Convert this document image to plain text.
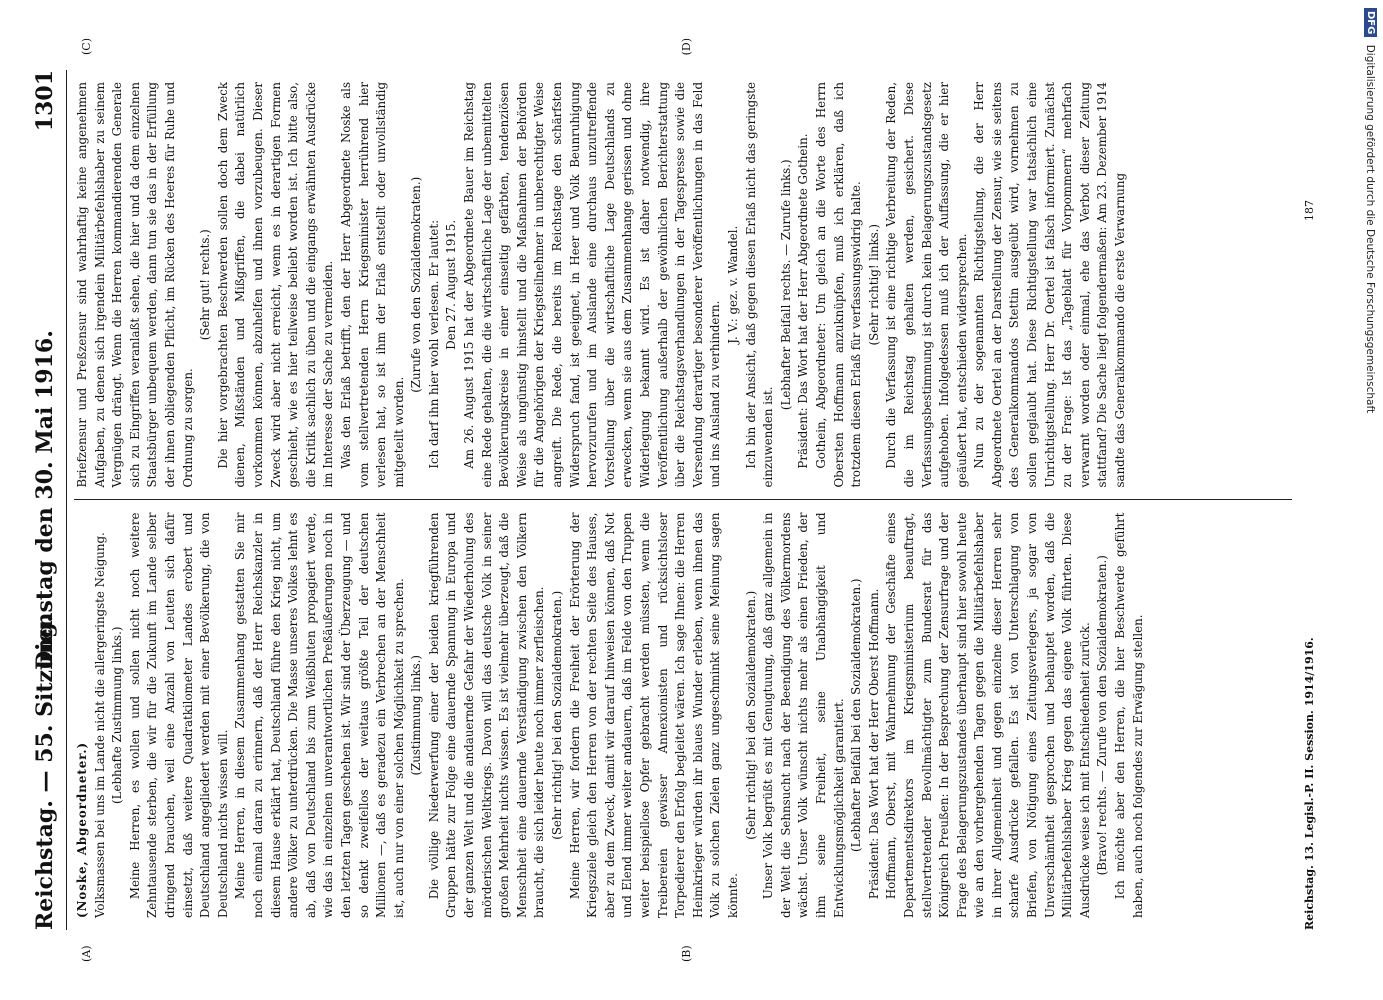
Reichstag. — 55. Sitzung.
Dienstag den 30. Mai 1916.
1301
(A)	(B)
(C)	(D)

(Noske, Abgeordneter.) Volksmassen bei uns im Lande nicht die allergeringste Neigung. (Lebhafte Zustimmung links.) Meine Herren, es wollen und sollen nicht noch weitere Zehntausende sterben, die wir für die Zukunft im Lande selber dringend brauchen, weil eine Anzahl von Leuten sich dafür einsetzt, daß weitere Quadratkilometer Landes erobert und Deutschland angegliedert werden mit einer Bevölkerung, die von Deutschland nichts wissen will. Meine Herren, in diesem Zusammenhang gestatten Sie mir noch einmal daran zu erinnern, daß der Herr Reichskanzler in diesem Hause erklärt hat, Deutschland führe den Krieg nicht, um andere Völker zu unterdrücken. Die Masse unseres Volkes lehnt es ab, daß von Deutschland bis zum Weißbluten propagiert werde, wie das in einzelnen unverantwortlichen Preßäußerungen noch in den letzten Tagen geschehen ist. Wir sind der Überzeugung — und so denkt zweifellos der weitaus größte Teil der deutschen Millionen —, daß es geradezu ein Verbrechen an der Menschheit ist, auch nur von einer solchen Möglichkeit zu sprechen. (Zustimmung links.) Die völlige Niederwerfung einer der beiden kriegführenden Gruppen hätte zur Folge eine dauernde Spannung in Europa und der ganzen Welt und die andauernde Gefahr der Wiederholung des mörderischen Weltkriegs. Davon will das deutsche Volk in seiner großen Mehrheit nichts wissen. Es ist vielmehr überzeugt, daß die Menschheit eine dauernde Verständigung zwischen den Völkern braucht, die sich leider heute noch immer zerfleischen. (Sehr richtig! bei den Sozialdemokraten.) Meine Herren, wir fordern die Freiheit der Erörterung der Kriegsziele gleich den Herren von der rechten Seite des Hauses, aber zu dem Zweck, damit wir darauf hinweisen können, daß Not und Elend immer weiter andauern, daß im Felde von den Truppen weiter beispiellose Opfer gebracht werden müssten, wenn die Treibereien gewisser Annexionisten und rücksichtsloser Torpedierer den Erfolg begleitet wären. Ich sage Ihnen: die Herren Heimkrieger würden ihr blaues Wunder erleben, wenn ihnen das Volk zu solchen Zielen ganz ungeschminkt seine Meinung sagen könnte.

(Sehr richtig! bei den Sozialdemokraten.) Unser Volk begrüßt es mit Genugtuung, daß ganz allgemein in der Welt die Sehnsucht nach der Beendigung des Völkermordens wächst. Unser Volk wünscht nichts mehr als einen Frieden, der ihm seine Freiheit, seine Unabhängigkeit und Entwicklungsmöglichkeit garantiert. (Lebhafter Beifall bei den Sozialdemokraten.) Präsident: Das Wort hat der Herr Oberst Hoffmann. Hoffmann, Oberst, mit Wahrnehmung der Geschäfte eines Departementsdirektors im Kriegsministerium beauftragt, stellvertretender Bevollmächtigter zum Bundesrat für das Königreich Preußen: In der Besprechung der Zensurfrage und der Frage des Belagerungszustandes überhaupt sind hier sowohl heute wie an den vorhergehenden Tagen gegen die Militärbefehlshaber in ihrer Allgemeinheit und gegen einzelne dieser Herren sehr scharfe Ausdrücke gefallen. Es ist von Unterschlagung von Briefen, von Nötigung eines Zeitungsverlegers, ja sogar von Unverschämtheit gesprochen und behauptet worden, daß die Militärbefehlshaber Krieg gegen das eigene Volk führten. Diese Ausdrücke weise ich mit Entschiedenheit zurück. (Bravo! rechts. — Zurufe von den Sozialdemokraten.) Ich möchte aber den Herren, die hier Beschwerde geführt haben, auch noch folgendes zur Erwägung stellen.

Briefzensur und Preßzensur sind wahrhaftig keine angenehmen Aufgaben, zu denen sich irgendein Militärbefehlshaber zu seinem Vergnügen drängt. Wenn die Herren kommandierenden Generale sich zu Eingriffen veranlaßt sehen, die hier und da dem einzelnen Staatsbürger unbequem werden, dann tun sie das in der Erfüllung der ihnen obliegenden Pflicht, im Rücken des Heeres für Ruhe und Ordnung zu sorgen.

(Sehr gut! rechts.) Die hier vorgebrachten Beschwerden sollen doch dem Zweck dienen, Mißständen und Mißgriffen, die dabei natürlich vorkommen können, abzuhelfen und ihnen vorzubeugen. Dieser Zweck wird aber nicht erreicht, wenn es in derartigen Formen geschieht, wie es hier teilweise beliebt worden ist. Ich bitte also, die Kritik sachlich zu üben und die eingangs erwähnten Ausdrücke im Interesse der Sache zu vermeiden. Was den Erlaß betrifft, den der Herr Abgeordnete Noske als vom stellvertretenden Herrn Kriegsminister herrührend hier verlesen hat, so ist ihm der Erlaß entstellt oder unvollständig mitgeteilt worden.

(Zurufe von den Sozialdemokraten.) Ich darf ihn hier wohl verlesen. Er lautet: Den 27. August 1915. Am 26. August 1915 hat der Abgeordnete Bauer im Reichstag eine Rede gehalten, die die wirtschaftliche Lage der unbemittelten Bevölkerungskreise in einer einseitig gefärbten, tendenziösen Weise als ungünstig hinstellt und die Maßnahmen der Behörden für die Angehörigen der Kriegsteilnehmer in unberechtigter Weise angreift. Die Rede, die bereits im Reichstage den schärfsten Widerspruch fand, ist geeignet, in Heer und Volk Beunruhigung hervorzurufen und im Auslande eine durchaus unzutreffende Vorstellung über die wirtschaftliche Lage Deutschlands zu erwecken, wenn sie aus dem Zusammenhange gerissen und ohne Widerlegung bekannt wird. Es ist daher notwendig, ihre Veröffentlichung außerhalb der gewöhnlichen Berichterstattung über die Reichstagsverhandlungen in der Tagespresse sowie die Versendung derartiger besonderer Veröffentlichungen in das Feld und ins Ausland zu verhindern.

J. V.: gez. v. Wandel. Ich bin der Ansicht, daß gegen diesen Erlaß nicht das geringste einzuwenden ist.

(Lebhafter Beifall rechts. — Zurufe links.) Präsident: Das Wort hat der Herr Abgeordnete Gothein. Gothein, Abgeordneter: Um gleich an die Worte des Herrn Obersten Hoffmann anzuknüpfen, muß ich erklären, daß ich trotzdem diesen Erlaß für verfassungswidrig halte. (Sehr richtig! links.) Durch die Verfassung ist eine richtige Verbreitung der Reden, die im Reichstag gehalten werden, gesichert. Diese Verfassungsbestimmung ist durch kein Belagerungszustandsgesetz aufgehoben. Infolgedessen muß ich der Auffassung, die er hier geäußert hat, entschieden widersprechen. Nun zu der sogenannten Richtigstellung, die der Herr Abgeordnete Oertel an der Darstellung der Zensur, wie sie seitens des Generalkommandos Stettin ausgeübt wird, vornehmen zu sollen geglaubt hat. Diese Richtigstellung war tatsächlich eine Unrichtigstellung. Herr Dr. Oertel ist falsch informiert. Zunächst zu der Frage: Ist das „Tageblatt für Vorpommern“ mehrfach verwarnt worden oder einmal, ehe das Verbot dieser Zeitung stattfand? Die Sache liegt folgendermaßen: Am 23. Dezember 1914 sandte das Generalkommando die erste Verwarnung

Reichstag. 13. Legisl.-P. II. Session. 1914/1916.
187
DFG Digitalisierung gefördert durch die Deutsche Forschungsgemeinschaft
